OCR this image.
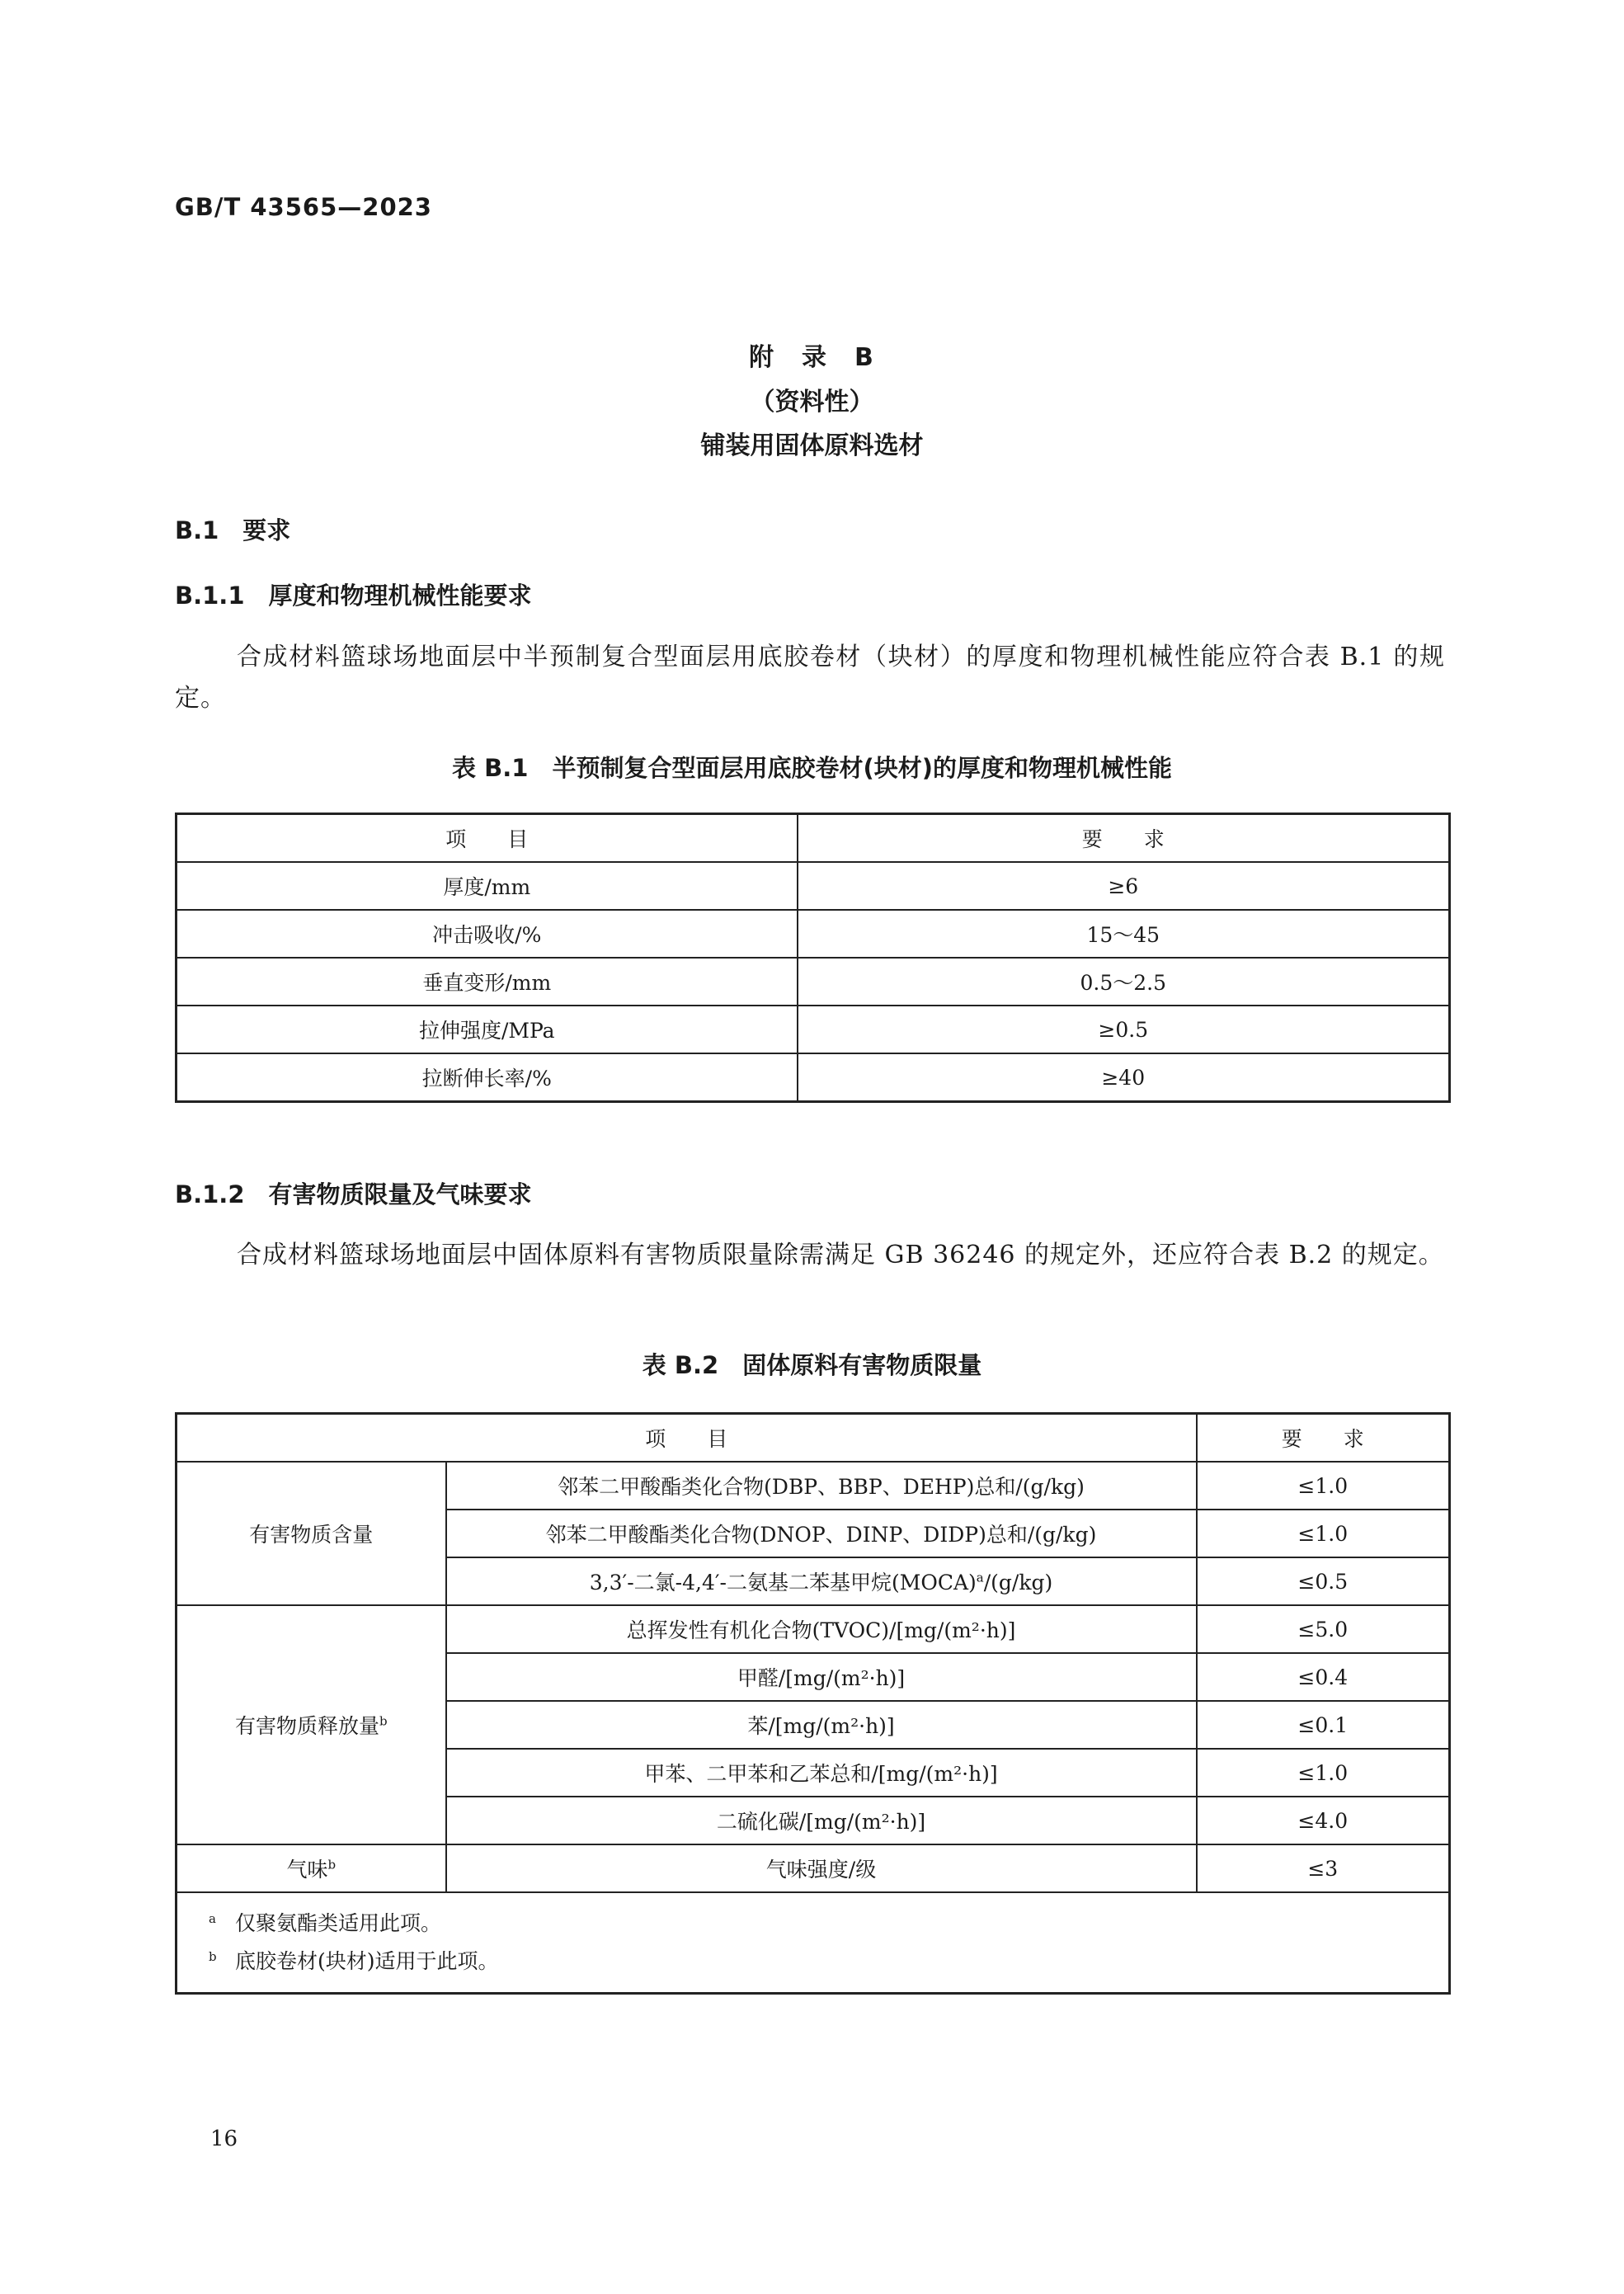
GB/T 43565—2023
附　录　B
（资料性）
铺装用固体原料选材
B.1　要求
B.1.1　厚度和物理机械性能要求
合成材料篮球场地面层中半预制复合型面层用底胶卷材（块材）的厚度和物理机械性能应符合表 B.1 的规定。
表 B.1　半预制复合型面层用底胶卷材(块材)的厚度和物理机械性能
项　　目	要　　求
厚度/mm	≥6
冲击吸收/%	15～45
垂直变形/mm	0.5～2.5
拉伸强度/MPa	≥0.5
拉断伸长率/%	≥40
B.1.2　有害物质限量及气味要求
合成材料篮球场地面层中固体原料有害物质限量除需满足 GB 36246 的规定外，还应符合表 B.2 的规定。
表 B.2　固体原料有害物质限量
项　　目		要　　求
有害物质含量	邻苯二甲酸酯类化合物(DBP、BBP、DEHP)总和/(g/kg)	≤1.0
	邻苯二甲酸酯类化合物(DNOP、DINP、DIDP)总和/(g/kg)	≤1.0
	3,3′-二氯-4,4′-二氨基二苯基甲烷(MOCA)$^a$/(g/kg)	≤0.5
有害物质释放量$^b$	总挥发性有机化合物(TVOC)/[mg/(m²·h)]	≤5.0
	甲醛/[mg/(m²·h)]	≤0.4
	苯/[mg/(m²·h)]	≤0.1
	甲苯、二甲苯和乙苯总和/[mg/(m²·h)]	≤1.0
	二硫化碳/[mg/(m²·h)]	≤4.0
气味$^b$	气味强度/级	≤3

a 仅聚氨酯类适用此项。
b 底胶卷材(块材)适用于此项。		
16
